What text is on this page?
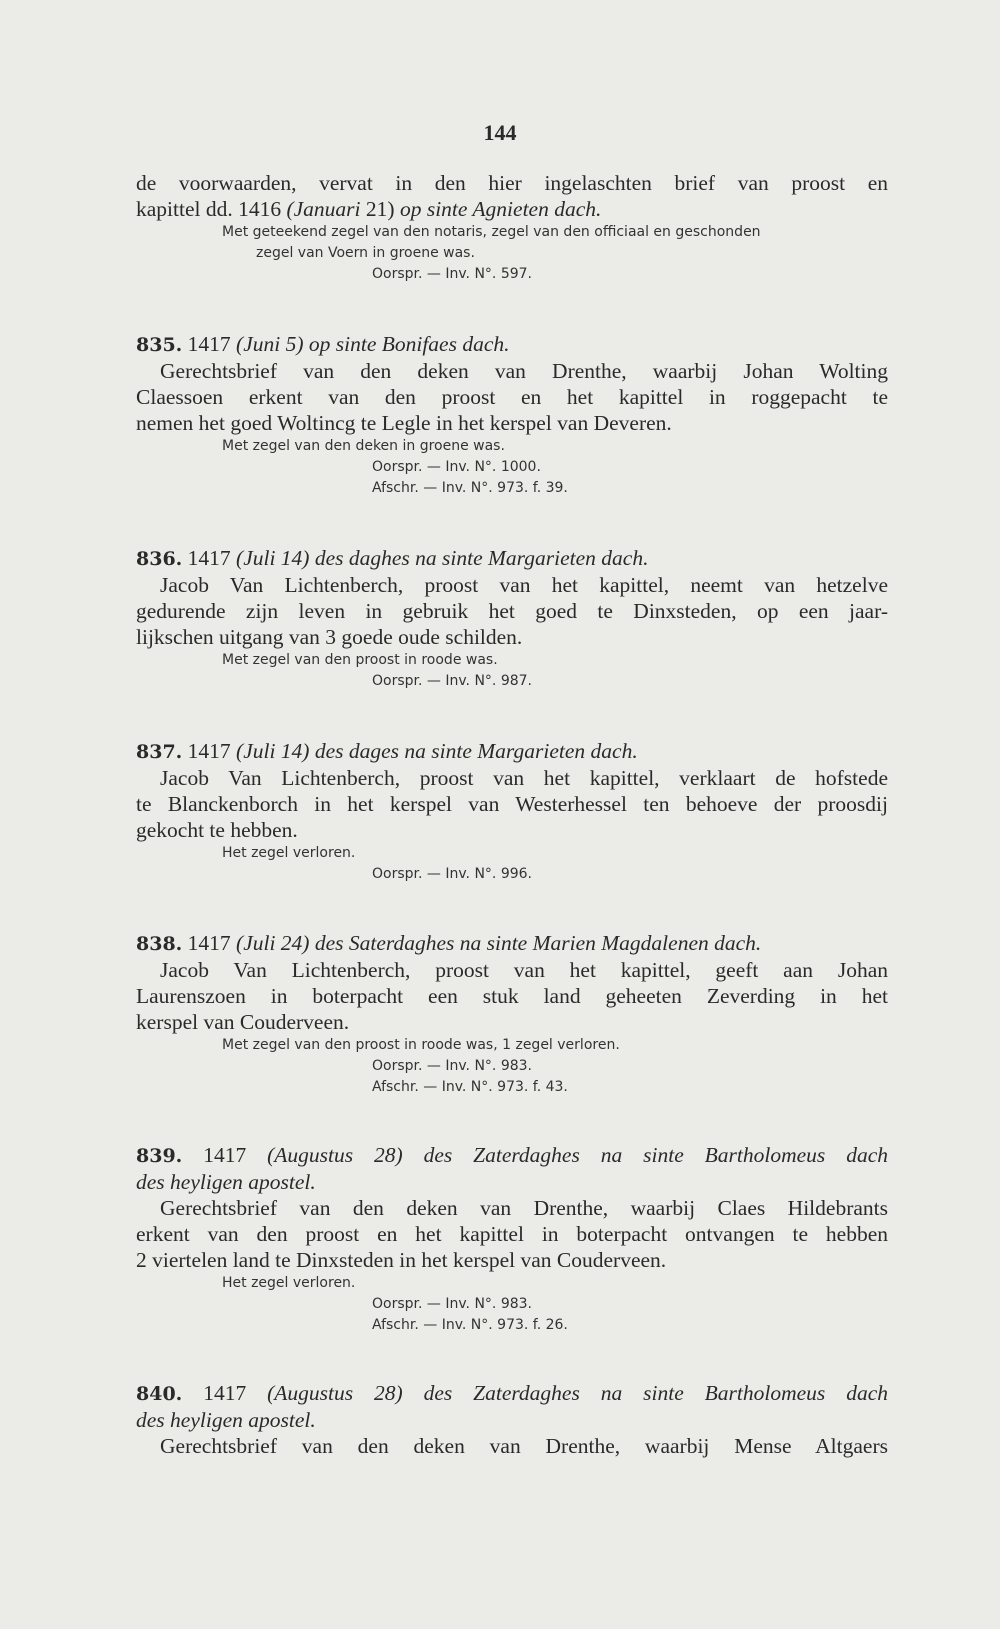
144
de voorwaarden, vervat in den hier ingelaschten brief van proost en
kapittel dd. 1416 (Januari 21) op sinte Agnieten dach.
Met geteekend zegel van den notaris, zegel van den officiaal en geschonden
zegel van Voern in groene was.
Oorspr. — Inv. N°. 597.
835. 1417 (Juni 5) op sinte Bonifaes dach.
Gerechtsbrief van den deken van Drenthe, waarbij Johan Wolting
Claessoen erkent van den proost en het kapittel in roggepacht te
nemen het goed Woltincg te Legle in het kerspel van Deveren.
Met zegel van den deken in groene was.
Oorspr. — Inv. N°. 1000.
Afschr. — Inv. N°. 973. f. 39.
836. 1417 (Juli 14) des daghes na sinte Margarieten dach.
Jacob Van Lichtenberch, proost van het kapittel, neemt van hetzelve
gedurende zijn leven in gebruik het goed te Dinxsteden, op een jaar-
lijkschen uitgang van 3 goede oude schilden.
Met zegel van den proost in roode was.
Oorspr. — Inv. N°. 987.
837. 1417 (Juli 14) des dages na sinte Margarieten dach.
Jacob Van Lichtenberch, proost van het kapittel, verklaart de hofstede
te Blanckenborch in het kerspel van Westerhessel ten behoeve der proosdij
gekocht te hebben.
Het zegel verloren.
Oorspr. — Inv. N°. 996.
838. 1417 (Juli 24) des Saterdaghes na sinte Marien Magdalenen dach.
Jacob Van Lichtenberch, proost van het kapittel, geeft aan Johan
Laurenszoen in boterpacht een stuk land geheeten Zeverding in het
kerspel van Couderveen.
Met zegel van den proost in roode was, 1 zegel verloren.
Oorspr. — Inv. N°. 983.
Afschr. — Inv. N°. 973. f. 43.
839. 1417 (Augustus 28) des Zaterdaghes na sinte Bartholomeus dach
des heyligen apostel.
Gerechtsbrief van den deken van Drenthe, waarbij Claes Hildebrants
erkent van den proost en het kapittel in boterpacht ontvangen te hebben
2 viertelen land te Dinxsteden in het kerspel van Couderveen.
Het zegel verloren.
Oorspr. — Inv. N°. 983.
Afschr. — Inv. N°. 973. f. 26.
840. 1417 (Augustus 28) des Zaterdaghes na sinte Bartholomeus dach
des heyligen apostel.
Gerechtsbrief van den deken van Drenthe, waarbij Mense Altgaers
